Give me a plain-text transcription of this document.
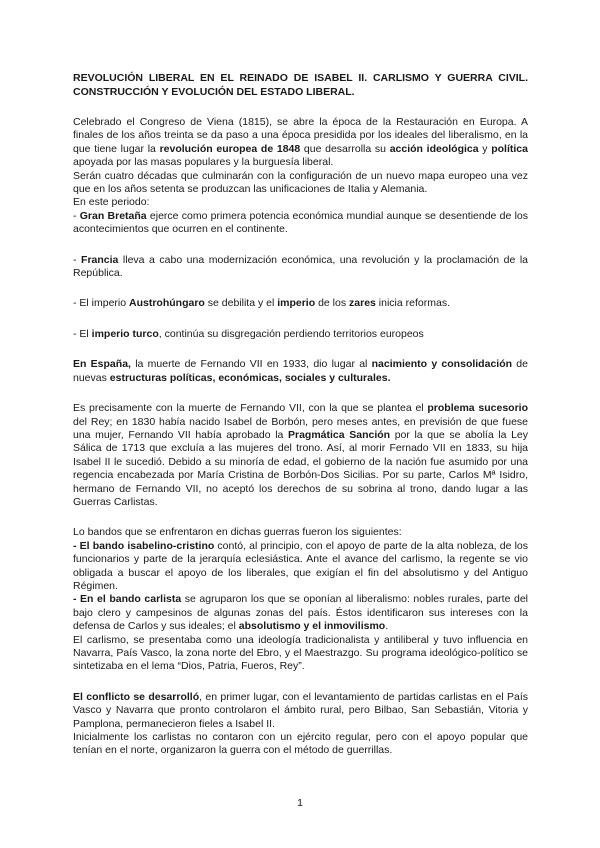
REVOLUCIÓN LIBERAL EN EL REINADO DE ISABEL II. CARLISMO Y GUERRA CIVIL. CONSTRUCCIÓN Y EVOLUCIÓN DEL ESTADO LIBERAL.

Celebrado el Congreso de Viena (1815), se abre la época de la Restauración en Europa. A finales de los años treinta se da paso a una época presidida por los ideales del liberalismo, en la que tiene lugar la revolución europea de 1848 que desarrolla su acción ideológica y política apoyada por las masas populares y la burguesía liberal.

Serán cuatro décadas que culminarán con la configuración de un nuevo mapa europeo una vez que en los años setenta se produzcan las unificaciones de Italia y Alemania.

En este periodo:

- Gran Bretaña ejerce como primera potencia económica mundial aunque se desentiende de los acontecimientos que ocurren en el continente.

- Francia lleva a cabo una modernización económica, una revolución y la proclamación de la República.

- El imperio Austrohúngaro se debilita y el imperio de los zares inicia reformas.

- El imperio turco, continúa su disgregación perdiendo territorios europeos

En España, la muerte de Fernando VII en 1933, dio lugar al nacimiento y consolidación de nuevas estructuras políticas, económicas, sociales y culturales.

Es precisamente con la muerte de Fernando VII, con la que se plantea el problema sucesorio del Rey; en 1830 había nacido Isabel de Borbón, pero meses antes, en previsión de que fuese una mujer, Fernando VII había aprobado la Pragmática Sanción por la que se abolía la Ley Sálica de 1713 que excluía a las mujeres del trono. Así, al morir Fernado VII en 1833, su hija Isabel II le sucedió. Debido a su minoría de edad, el gobierno de la nación fue asumido por una regencia encabezada por María Cristina de Borbón-Dos Sicilias. Por su parte, Carlos Mª Isidro, hermano de Fernando VII, no aceptó los derechos de su sobrina al trono, dando lugar a las Guerras Carlistas.

Lo bandos que se enfrentaron en dichas guerras fueron los siguientes:

- El bando isabelino-cristino contó, al principio, con el apoyo de parte de la alta nobleza, de los funcionarios y parte de la jerarquía eclesiástica. Ante el avance del carlismo, la regente se vio obligada a buscar el apoyo de los liberales, que exigían el fin del absolutismo y del Antiguo Régimen.

- En el bando carlista se agruparon los que se oponían al liberalismo: nobles rurales, parte del bajo clero y campesinos de algunas zonas del país. Éstos identificaron sus intereses con la defensa de Carlos y sus ideales; el absolutismo y el inmovilismo.

El carlismo, se presentaba como una ideología tradicionalista y antiliberal y tuvo influencia en Navarra, País Vasco, la zona norte del Ebro, y el Maestrazgo. Su programa ideológico-político se sintetizaba en el lema “Dios, Patria, Fueros, Rey”.

El conflicto se desarrolló, en primer lugar, con el levantamiento de partidas carlistas en el País Vasco y Navarra que pronto controlaron el ámbito rural, pero Bilbao, San Sebastián, Vitoria y Pamplona, permanecieron fieles a Isabel II.

Inicialmente los carlistas no contaron con un ejército regular, pero con el apoyo popular que tenían en el norte, organizaron la guerra con el método de guerrillas.

1
